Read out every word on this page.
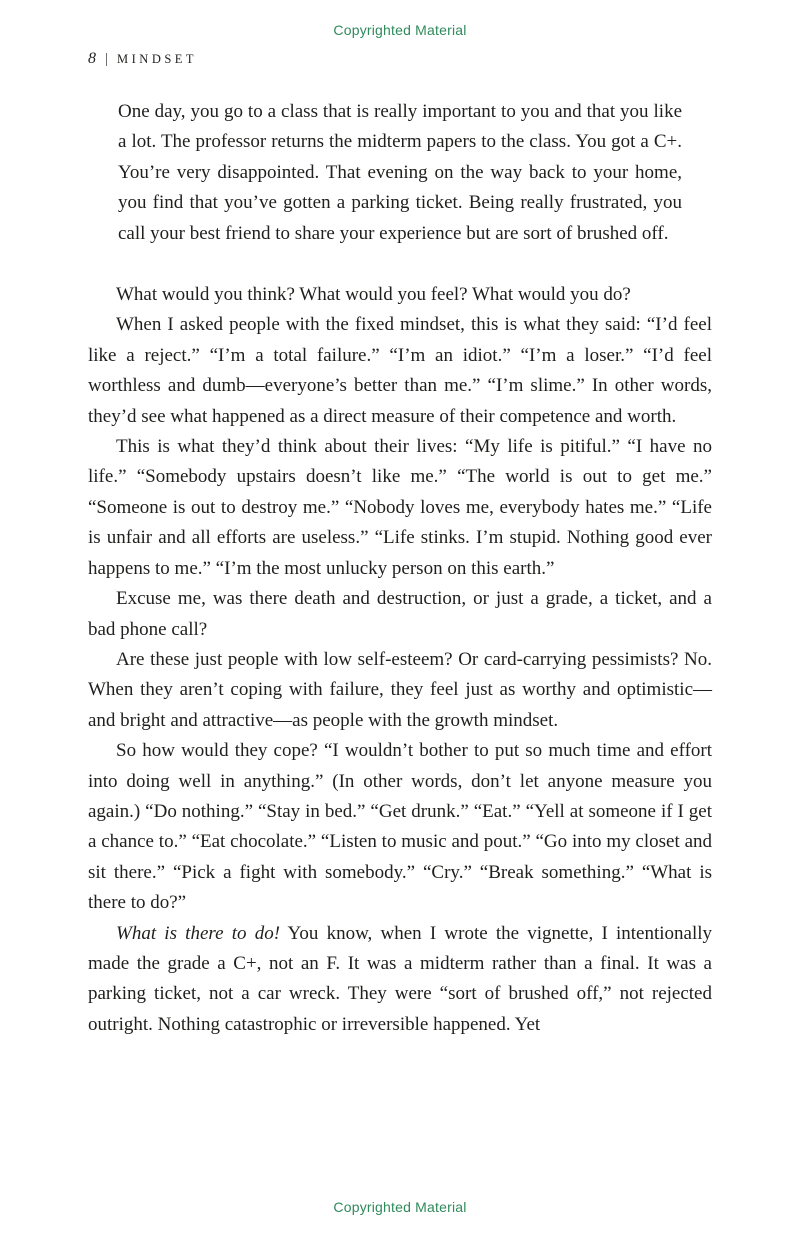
Copyrighted Material
8 | MINDSET

One day, you go to a class that is really important to you and that you like a lot. The professor returns the midterm papers to the class. You got a C+. You’re very disappointed. That evening on the way back to your home, you find that you’ve gotten a parking ticket. Being really frustrated, you call your best friend to share your experience but are sort of brushed off.

What would you think? What would you feel? What would you do?

When I asked people with the fixed mindset, this is what they said: “I’d feel like a reject.” “I’m a total failure.” “I’m an idiot.” “I’m a loser.” “I’d feel worthless and dumb—everyone’s better than me.” “I’m slime.” In other words, they’d see what happened as a direct measure of their competence and worth.

This is what they’d think about their lives: “My life is pitiful.” “I have no life.” “Somebody upstairs doesn’t like me.” “The world is out to get me.” “Someone is out to destroy me.” “Nobody loves me, everybody hates me.” “Life is unfair and all efforts are useless.” “Life stinks. I’m stupid. Nothing good ever happens to me.” “I’m the most unlucky person on this earth.”

Excuse me, was there death and destruction, or just a grade, a ticket, and a bad phone call?

Are these just people with low self-esteem? Or card-carrying pessimists? No. When they aren’t coping with failure, they feel just as worthy and optimistic—and bright and attractive—as people with the growth mindset.

So how would they cope? “I wouldn’t bother to put so much time and effort into doing well in anything.” (In other words, don’t let anyone measure you again.) “Do nothing.” “Stay in bed.” “Get drunk.” “Eat.” “Yell at someone if I get a chance to.” “Eat chocolate.” “Listen to music and pout.” “Go into my closet and sit there.” “Pick a fight with somebody.” “Cry.” “Break something.” “What is there to do?”

What is there to do! You know, when I wrote the vignette, I intentionally made the grade a C+, not an F. It was a midterm rather than a final. It was a parking ticket, not a car wreck. They were “sort of brushed off,” not rejected outright. Nothing catastrophic or irreversible happened. Yet

Copyrighted Material
